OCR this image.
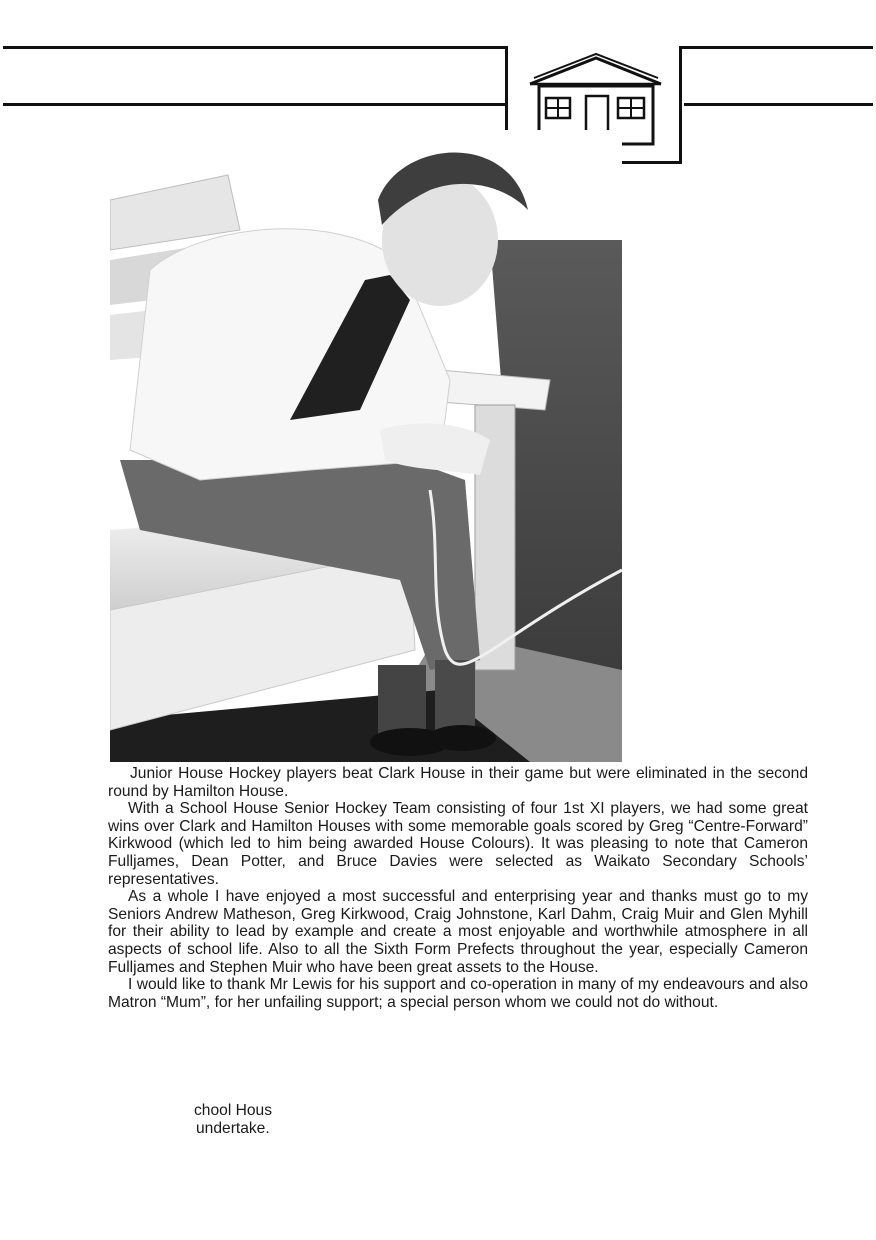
Junior House Hockey players beat Clark House in their game but were eliminated in the second round by Hamilton House.

With a School House Senior Hockey Team consisting of four 1st XI players, we had some great wins over Clark and Hamilton Houses with some memorable goals scored by Greg “Centre-Forward” Kirkwood (which led to him being awarded House Colours). It was pleasing to note that Cameron Fulljames, Dean Potter, and Bruce Davies were selected as Waikato Secondary Schools’ representatives.

As a whole I have enjoyed a most successful and enterprising year and thanks must go to my Seniors Andrew Matheson, Greg Kirkwood, Craig Johnstone, Karl Dahm, Craig Muir and Glen Myhill for their ability to lead by example and create a most enjoyable and worthwhile atmosphere in all aspects of school life. Also to all the Sixth Form Prefects throughout the year, especially Cameron Fulljames and Stephen Muir who have been great assets to the House.

I would like to thank Mr Lewis for his support and co-operation in many of my endeavours and also Matron “Mum”, for her unfailing support; a special person whom we could not do without.

chool Hous
undertake.
